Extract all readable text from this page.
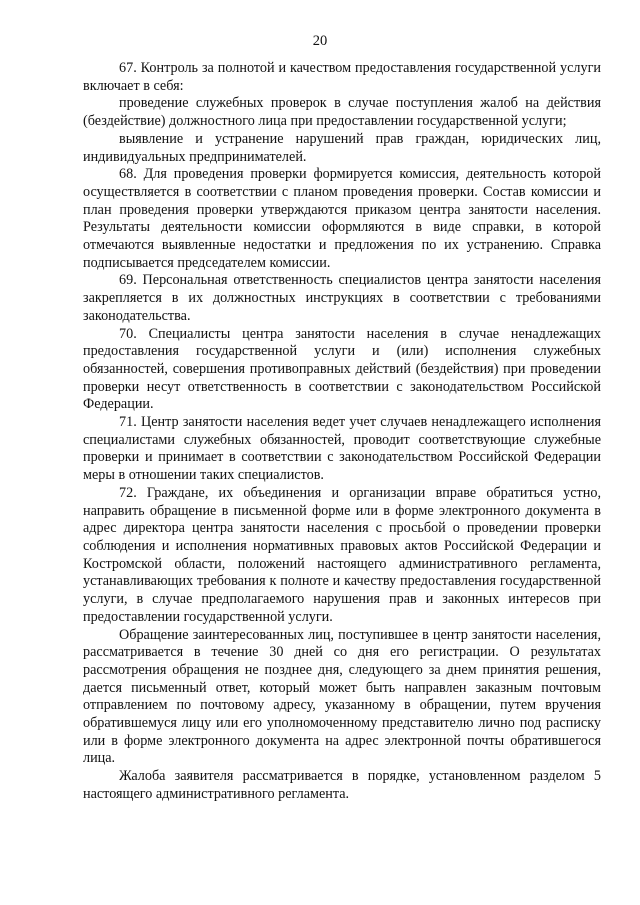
20

67. Контроль за полнотой и качеством предоставления государственной услуги включает в себя:

проведение служебных проверок в случае поступления жалоб на действия (бездействие) должностного лица при предоставлении государственной услуги;

выявление и устранение нарушений прав граждан, юридических лиц, индивидуальных предпринимателей.

68. Для проведения проверки формируется комиссия, деятельность которой осуществляется в соответствии с планом проведения проверки. Состав комиссии и план проведения проверки утверждаются приказом центра занятости населения. Результаты деятельности комиссии оформляются в виде справки, в которой отмечаются выявленные недостатки и предложения по их устранению. Справка подписывается председателем комиссии.

69. Персональная ответственность специалистов центра занятости населения закрепляется в их должностных инструкциях в соответствии с требованиями законодательства.

70. Специалисты центра занятости населения в случае ненадлежащих предоставления государственной услуги и (или) исполнения служебных обязанностей, совершения противоправных действий (бездействия) при проведении проверки несут ответственность в соответствии с законодательством Российской Федерации.

71. Центр занятости населения ведет учет случаев ненадлежащего исполнения специалистами служебных обязанностей, проводит соответствующие служебные проверки и принимает в соответствии с законодательством Российской Федерации меры в отношении таких специалистов.

72. Граждане, их объединения и организации вправе обратиться устно, направить обращение в письменной форме или в форме электронного документа в адрес директора центра занятости населения с просьбой о проведении проверки соблюдения и исполнения нормативных правовых актов Российской Федерации и Костромской области, положений настоящего административного регламента, устанавливающих требования к полноте и качеству предоставления государственной услуги, в случае предполагаемого нарушения прав и законных интересов при предоставлении государственной услуги.

Обращение заинтересованных лиц, поступившее в центр занятости населения, рассматривается в течение 30 дней со дня его регистрации. О результатах рассмотрения обращения не позднее дня, следующего за днем принятия решения, дается письменный ответ, который может быть направлен заказным почтовым отправлением по почтовому адресу, указанному в обращении, путем вручения обратившемуся лицу или его уполномоченному представителю лично под расписку или в форме электронного документа на адрес электронной почты обратившегося лица.

Жалоба заявителя рассматривается в порядке, установленном разделом 5 настоящего административного регламента.
